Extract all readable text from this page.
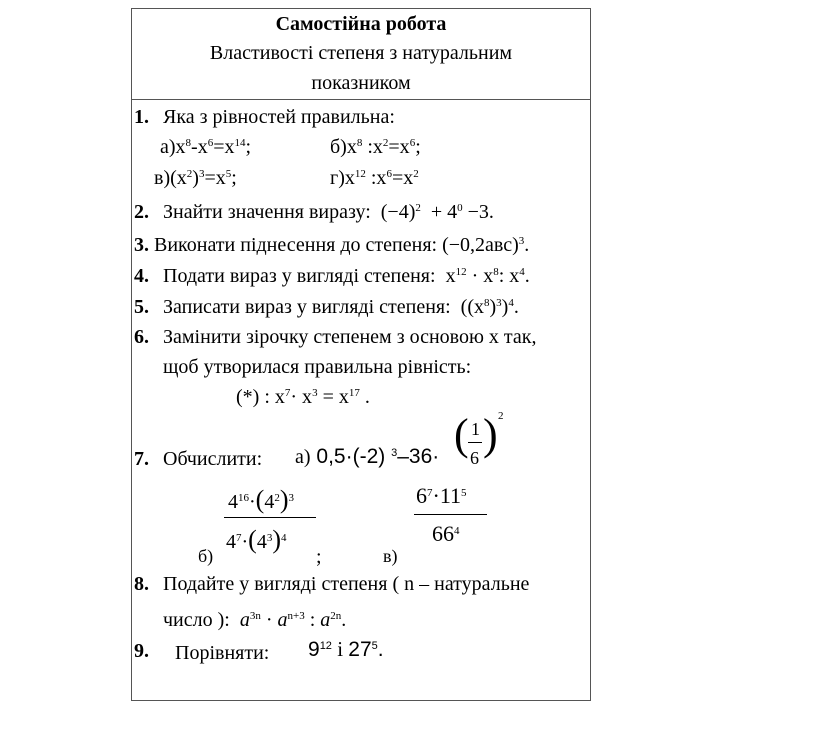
Самостійна робота
Властивості степеня з натуральним
показником
1. Яка з рівностей правильна:
$а)x^8-x^6=x^{14}$;	$б)x^8$ $:x^2=x^6$;
$в)(x^2)^3=x^5$;	$г)x^{12}$ $:x^6=x^2$
2. Знайти значення виразу: $(-4)^2 + 4^0 -3$.
3. Виконати піднесення до степеня: $(-0,2авс)^3$.
4. Подати вираз у вигляді степеня: $x^{12} \cdot x^8$: $x^4$.
5. Записати вираз у вигляді степеня: $((x^8)^3)^4$.
6. Замінити зірочку степенем з основою х так,
щоб утворилася правильна рівність:
(*) : $x^7\cdot x^3 = x^{17}$ .
7. Обчислити: а) 0,5·(-2) $^3$–36· ( 1
6 ) 2
$4^{16}\cdot(4^2)^3$
$4^7\cdot(4^3)^4$
б)	;	в)
$6^7\cdot 11^5$
$66^4$
8. Подайте у вигляді степеня ( n – натуральне
число ): $a^{3n} \cdot a^{n+3}$ : $a^{2n}$.
9. Порівняти: $9^{12}$ і $27^5$.
